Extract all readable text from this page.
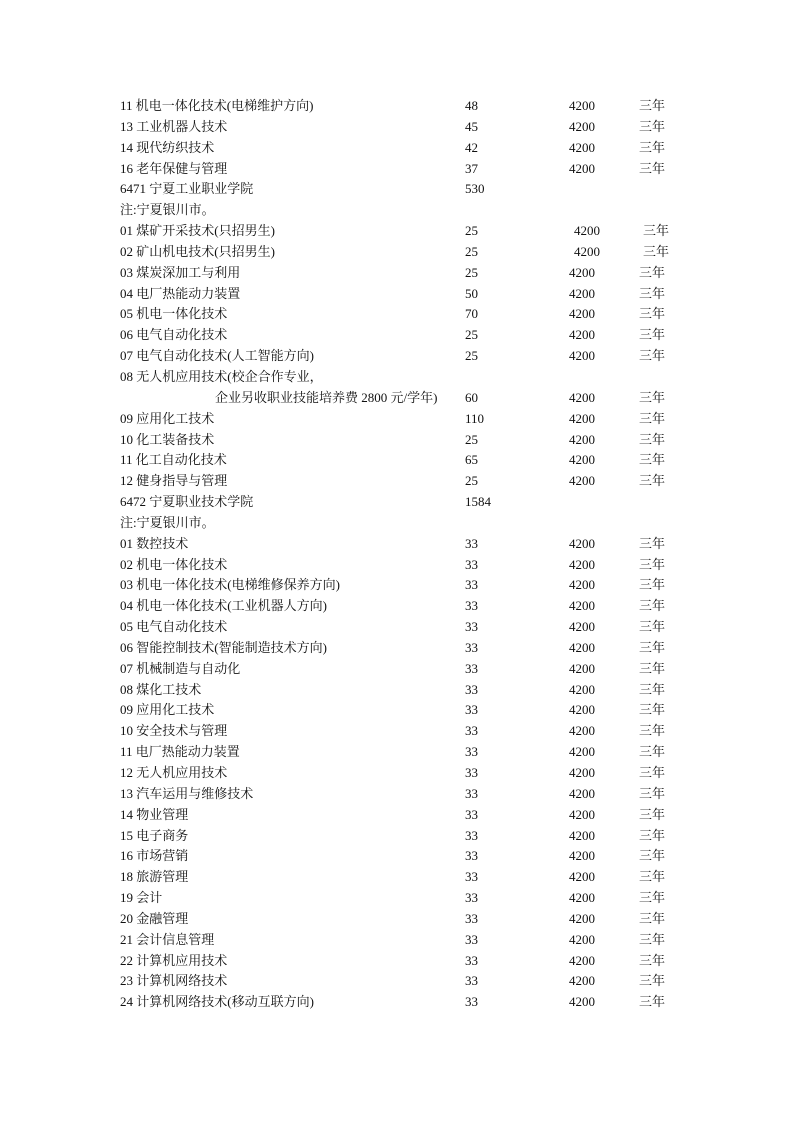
11 机电一体化技术(电梯维护方向)	48	4200	三年
13 工业机器人技术	45	4200	三年
14 现代纺织技术	42	4200	三年
16 老年保健与管理	37	4200	三年
6471 宁夏工业职业学院	530
注:宁夏银川市。
01 煤矿开采技术(只招男生)	25	4200	三年
02 矿山机电技术(只招男生)	25	4200	三年
03 煤炭深加工与利用	25	4200	三年
04 电厂热能动力装置	50	4200	三年
05 机电一体化技术	70	4200	三年
06 电气自动化技术	25	4200	三年
07 电气自动化技术(人工智能方向)	25	4200	三年
08 无人机应用技术(校企合作专业，
企业另收职业技能培养费 2800 元/学年) 60	4200	三年
09 应用化工技术	110	4200	三年
10 化工装备技术	25	4200	三年
11 化工自动化技术	65	4200	三年
12 健身指导与管理	25	4200	三年
6472 宁夏职业技术学院	1584
注:宁夏银川市。
01 数控技术	33	4200	三年
02 机电一体化技术	33	4200	三年
03 机电一体化技术(电梯维修保养方向)	33	4200	三年
04 机电一体化技术(工业机器人方向)	33	4200	三年
05 电气自动化技术	33	4200	三年
06 智能控制技术(智能制造技术方向)	33	4200	三年
07 机械制造与自动化	33	4200	三年
08 煤化工技术	33	4200	三年
09 应用化工技术	33	4200	三年
10 安全技术与管理	33	4200	三年
11 电厂热能动力装置	33	4200	三年
12 无人机应用技术	33	4200	三年
13 汽车运用与维修技术	33	4200	三年
14 物业管理	33	4200	三年
15 电子商务	33	4200	三年
16 市场营销	33	4200	三年
18 旅游管理	33	4200	三年
19 会计	33	4200	三年
20 金融管理	33	4200	三年
21 会计信息管理	33	4200	三年
22 计算机应用技术	33	4200	三年
23 计算机网络技术	33	4200	三年
24 计算机网络技术(移动互联方向)	33	4200	三年
